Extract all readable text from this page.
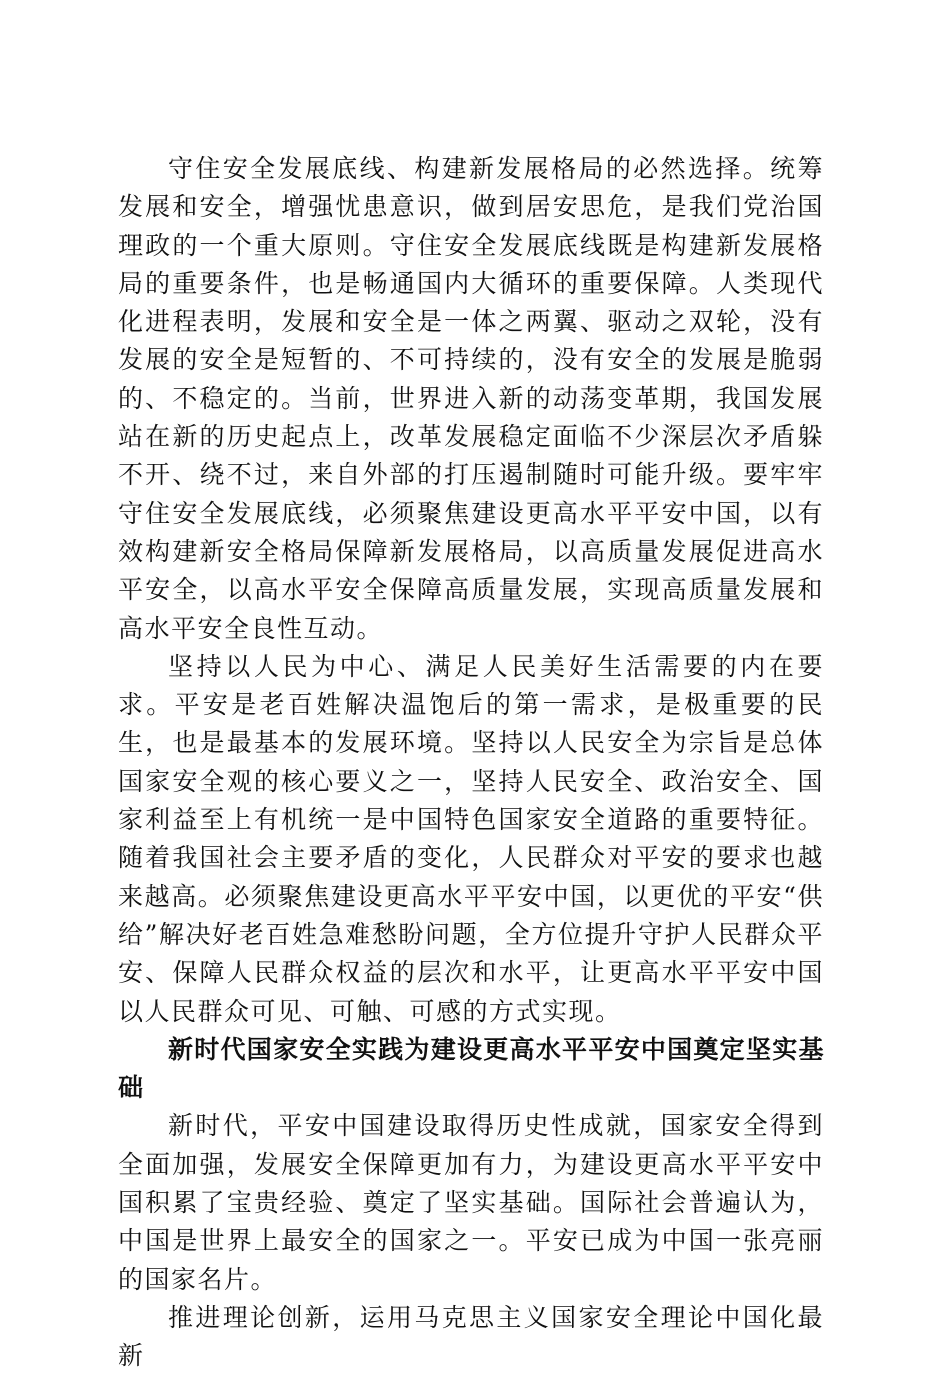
守住安全发展底线、构建新发展格局的必然选择。统筹发展和安全，增强忧患意识，做到居安思危，是我们党治国理政的一个重大原则。守住安全发展底线既是构建新发展格局的重要条件，也是畅通国内大循环的重要保障。人类现代化进程表明，发展和安全是一体之两翼、驱动之双轮，没有发展的安全是短暂的、不可持续的，没有安全的发展是脆弱的、不稳定的。当前，世界进入新的动荡变革期，我国发展站在新的历史起点上，改革发展稳定面临不少深层次矛盾躲不开、绕不过，来自外部的打压遏制随时可能升级。要牢牢守住安全发展底线，必须聚焦建设更高水平平安中国，以有效构建新安全格局保障新发展格局，以高质量发展促进高水平安全，以高水平安全保障高质量发展，实现高质量发展和高水平安全良性互动。

坚持以人民为中心、满足人民美好生活需要的内在要求。平安是老百姓解决温饱后的第一需求，是极重要的民生，也是最基本的发展环境。坚持以人民安全为宗旨是总体国家安全观的核心要义之一，坚持人民安全、政治安全、国家利益至上有机统一是中国特色国家安全道路的重要特征。随着我国社会主要矛盾的变化，人民群众对平安的要求也越来越高。必须聚焦建设更高水平平安中国，以更优的平安“供给”解决好老百姓急难愁盼问题，全方位提升守护人民群众平安、保障人民群众权益的层次和水平，让更高水平平安中国以人民群众可见、可触、可感的方式实现。

新时代国家安全实践为建设更高水平平安中国奠定坚实基础

新时代，平安中国建设取得历史性成就，国家安全得到全面加强，发展安全保障更加有力，为建设更高水平平安中国积累了宝贵经验、奠定了坚实基础。国际社会普遍认为，中国是世界上最安全的国家之一。平安已成为中国一张亮丽的国家名片。

推进理论创新，运用马克思主义国家安全理论中国化最新
